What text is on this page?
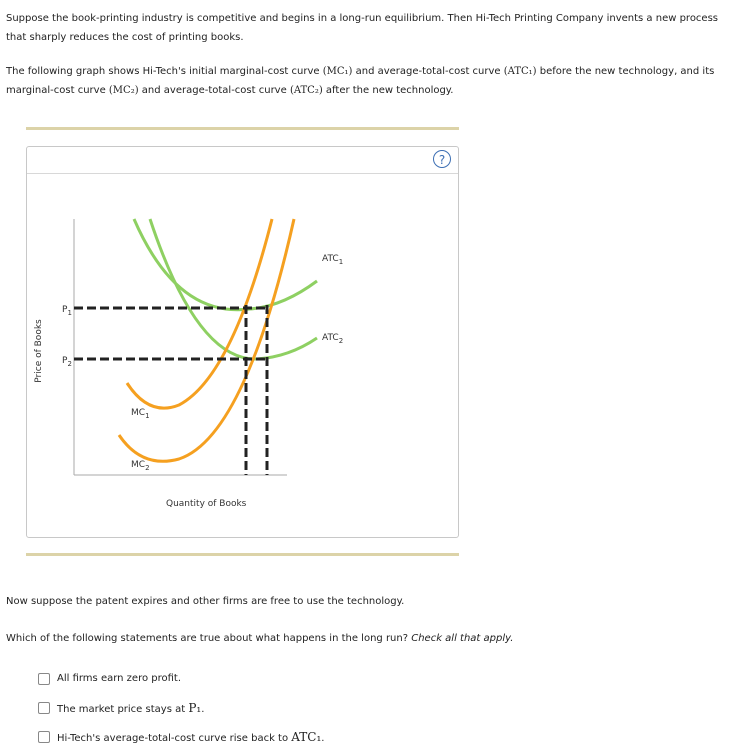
Suppose the book-printing industry is competitive and begins in a long-run equilibrium. Then Hi-Tech Printing Company invents a new process that sharply reduces the cost of printing books.

The following graph shows Hi-Tech's initial marginal-cost curve (MC₁) and average-total-cost curve (ATC₁) before the new technology, and its marginal-cost curve (MC₂) and average-total-cost curve (ATC₂) after the new technology.

?
$P_1$
$P_2$
$ATC_1$
$ATC_2$
$MC_1$
$MC_2$
Quantity of Books
Price of Books

Now suppose the patent expires and other firms are free to use the technology.

Which of the following statements are true about what happens in the long run? Check all that apply.

All firms earn zero profit.
The market price stays at P₁.
Hi-Tech's average-total-cost curve rise back to ATC₁.
